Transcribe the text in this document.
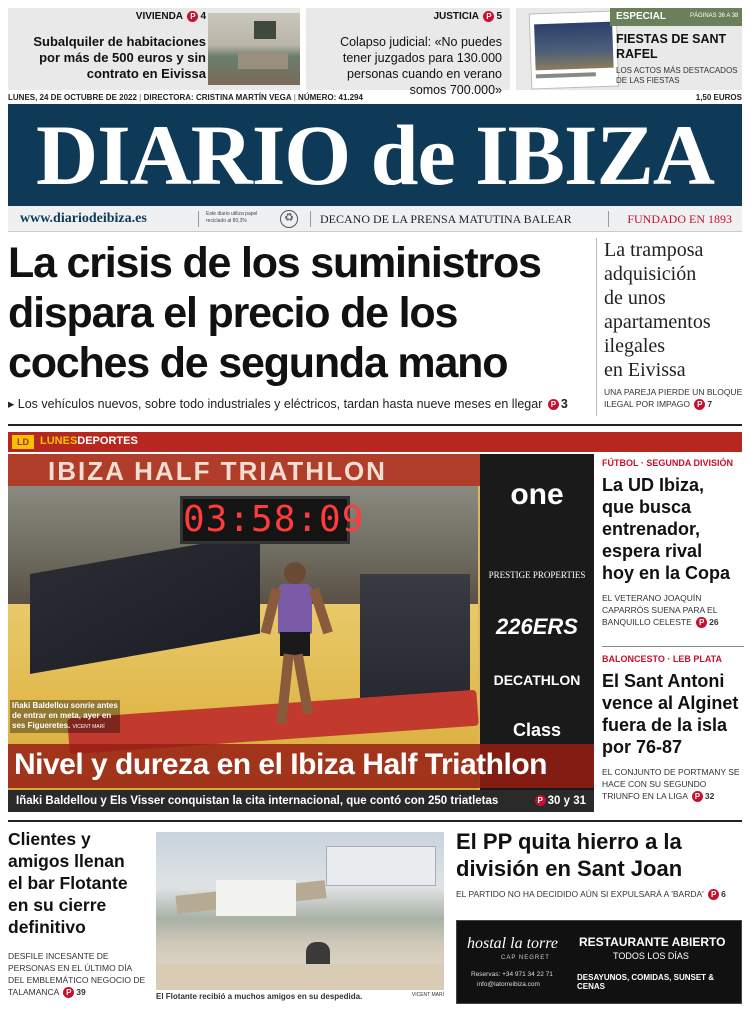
VIVIENDA P 4
Subalquiler de habitaciones por más de 500 euros y sin contrato en Eivissa
JUSTICIA P 5
Colapso judicial: «No puedes tener juzgados para 130.000 personas cuando en verano somos 700.000»
ESPECIAL	PÁGINAS 36 A 38
FIESTAS DE SANT RAFEL
LOS ACTOS MÁS DESTACADOS DE LAS FIESTAS
LUNES, 24 DE OCTUBRE DE 2022 | DIRECTORA: CRISTINA MARTÍN VEGA | NÚMERO: 41.294	1,50 EUROS
DIARIO de IBIZA
www.diariodeibiza.es	Este diario utiliza papel reciclado al 80,3%	♻	DECANO DE LA PRENSA MATUTINA BALEAR	FUNDADO EN 1893
La crisis de los suministros dispara el precio de los coches de segunda mano
▸ Los vehículos nuevos, sobre todo industriales y eléctricos, tardan hasta nueve meses en llegar P 3
La tramposa
adquisición
de unos
apartamentos
ilegales
en Eivissa
UNA PAREJA PIERDE UN BLOQUE ILEGAL POR IMPAGO P 7
LD	LUNESDEPORTES
IBIZA HALF TRIATHLON
03:58:09
one
PRESTIGE PROPERTIES
226ERS
DECATHLON
Class
Iñaki Baldellou sonríe antes de entrar en meta, ayer en ses Figueretes. VICENT MARÍ
Nivel y dureza en el Ibiza Half Triathlon
Iñaki Baldellou y Els Visser conquistan la cita internacional, que contó con 250 triatletas	P 30 y 31
FÚTBOL · SEGUNDA DIVISIÓN
La UD Ibiza,
que busca
entrenador,
espera rival
hoy en la Copa
EL VETERANO JOAQUÍN CAPARRÓS SUENA PARA EL BANQUILLO CELESTE P 26
BALONCESTO · LEB PLATA
El Sant Antoni
vence al Alginet
fuera de la isla
por 76-87
EL CONJUNTO DE PORTMANY SE HACE CON SU SEGUNDO TRIUNFO EN LA LIGA P 32
Clientes y
amigos llenan
el bar Flotante
en su cierre
definitivo
DESFILE INCESANTE DE PERSONAS EN EL ÚLTIMO DÍA DEL EMBLEMÁTICO NEGOCIO DE TALAMANCA P 39	El Flotante recibió a muchos amigos en su despedida.	VICENT MARÍ
El PP quita hierro a la
división en Sant Joan
EL PARTIDO NO HA DECIDIDO AÚN SI EXPULSARÁ A 'BARDA' P 6
hostal la torre
CAP NEGRET
RESTAURANTE ABIERTO
TODOS LOS DÍAS
Reservas: +34 971 34 22 71
info@latorreibiza.com
DESAYUNOS, COMIDAS, SUNSET & CENAS
